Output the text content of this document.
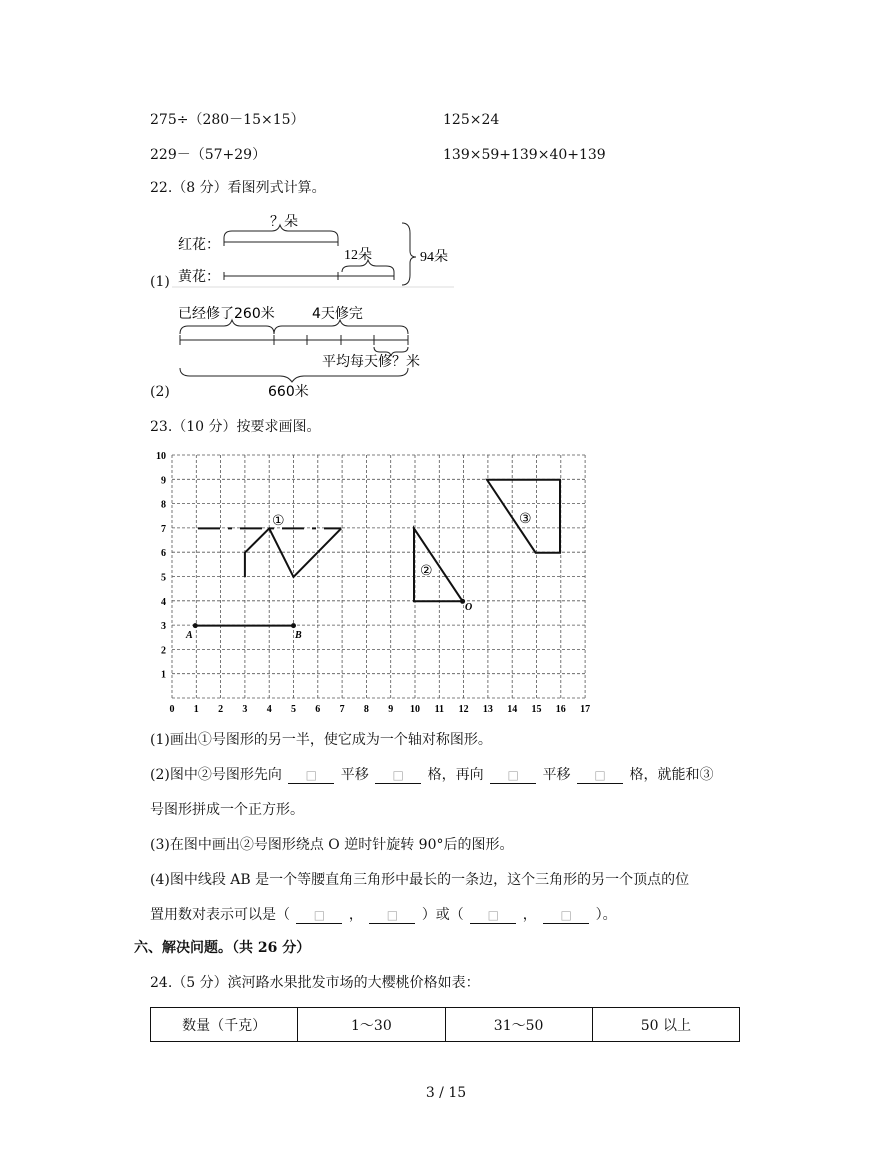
275÷（280－15×15）	125×24
229－（57+29）	139×59+139×40+139
22.（8 分）看图列式计算。
(1)
？朵
红花：
12朵
黄花：
94朵
(2)
已经修了260米	4天修完
平均每天修？米
660米
23.（10 分）按要求画图。
0 1 2 3 4 5 6 7 8 9 10 11 12 13 14 15 16 17
1
2
3
4
5
6
7
8
9
10
①
②
③
A	B
O
(1)画出①号图形的另一半，使它成为一个轴对称图形。
(2)图中②号图形先向 □ 平移 □ 格，再向 □ 平移 □ 格，就能和③
号图形拼成一个正方形。
(3)在图中画出②号图形绕点 O 逆时针旋转 90°后的图形。
(4)图中线段 AB 是一个等腰直角三角形中最长的一条边，这个三角形的另一个顶点的位
置用数对表示可以是（ □ ， □ ）或（ □ ， □ ）。
六、解决问题。（共 26 分）
24.（5 分）滨河路水果批发市场的大樱桃价格如表：
数量（千克）	1～30	31～50	50 以上
3 / 15
